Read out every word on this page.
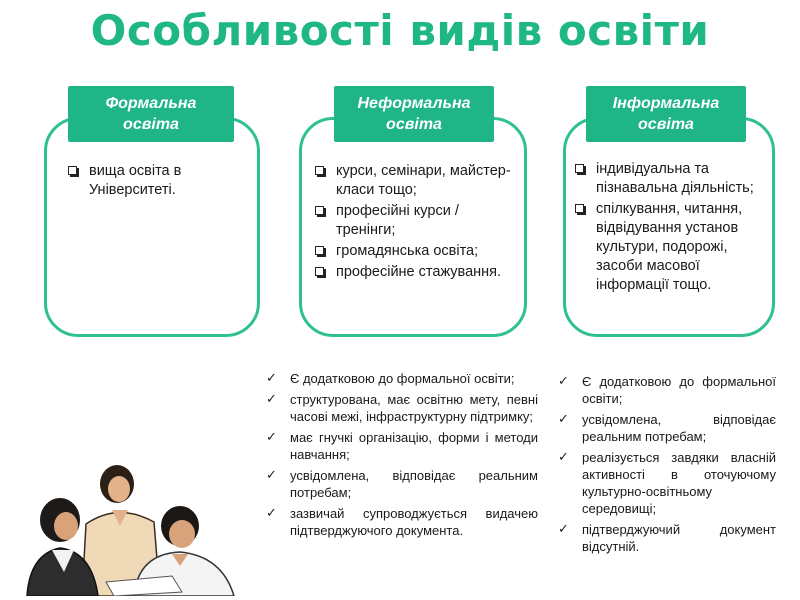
Особливості видів освіти
вища освіта в Університеті.
Формальна
освіта
курси, семінари, майстер-класи тощо;
професійні курси / тренінги;
громадянська освіта;
професійне стажування.
Неформальна
освіта
індивідуальна та пізнавальна діяльність;
спілкування, читання, відвідування установ культури, подорожі, засоби масової інформації тощо.
Інформальна
освіта
✓ Є додатковою до формальної освіти;
✓ структурована, має освітню мету, певні часові межі, інфраструктурну підтримку;
✓ має гнучкі організацію, форми і методи навчання;
✓ усвідомлена, відповідає реальним потребам;
✓ зазвичай супроводжується видачею підтверджуючого документа.
✓ Є додатковою до формальної освіти;
✓ усвідомлена, відповідає реальним потребам;
✓ реалізується завдяки власній активності в оточуючому культурно-освітньому середовищі;
✓ підтверджуючий документ відсутній.
